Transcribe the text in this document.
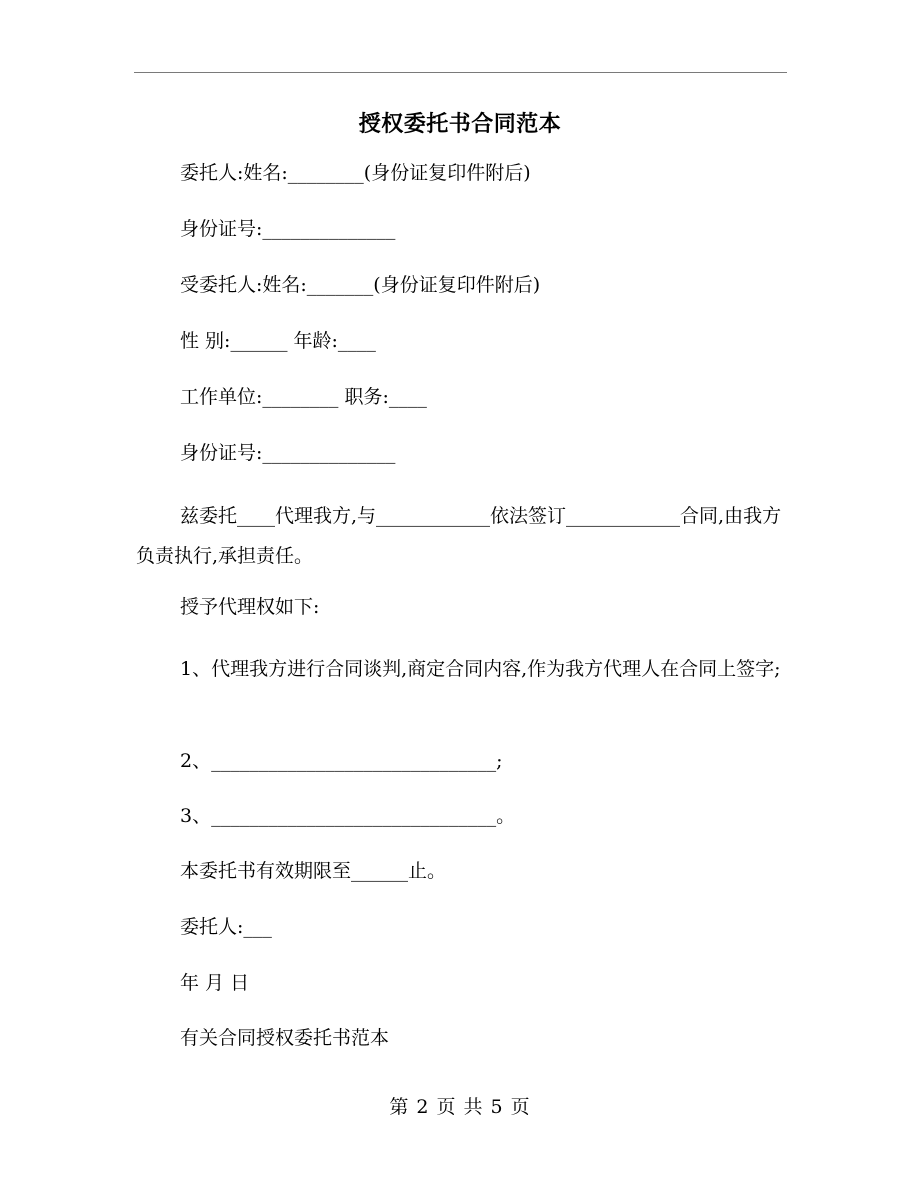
授权委托书合同范本
委托人:姓名:________(身份证复印件附后)
身份证号:______________
受委托人:姓名:_______(身份证复印件附后)
性 别:______ 年龄:____
工作单位:________ 职务:____
身份证号:______________
兹委托____代理我方,与____________依法签订____________合同,由我方负责执行,承担责任。
授予代理权如下:
1、代理我方进行合同谈判,商定合同内容,作为我方代理人在合同上签字;
2、______________________________;
3、______________________________。
本委托书有效期限至______止。
委托人:___
年 月 日
有关合同授权委托书范本
第 2 页 共 5 页
